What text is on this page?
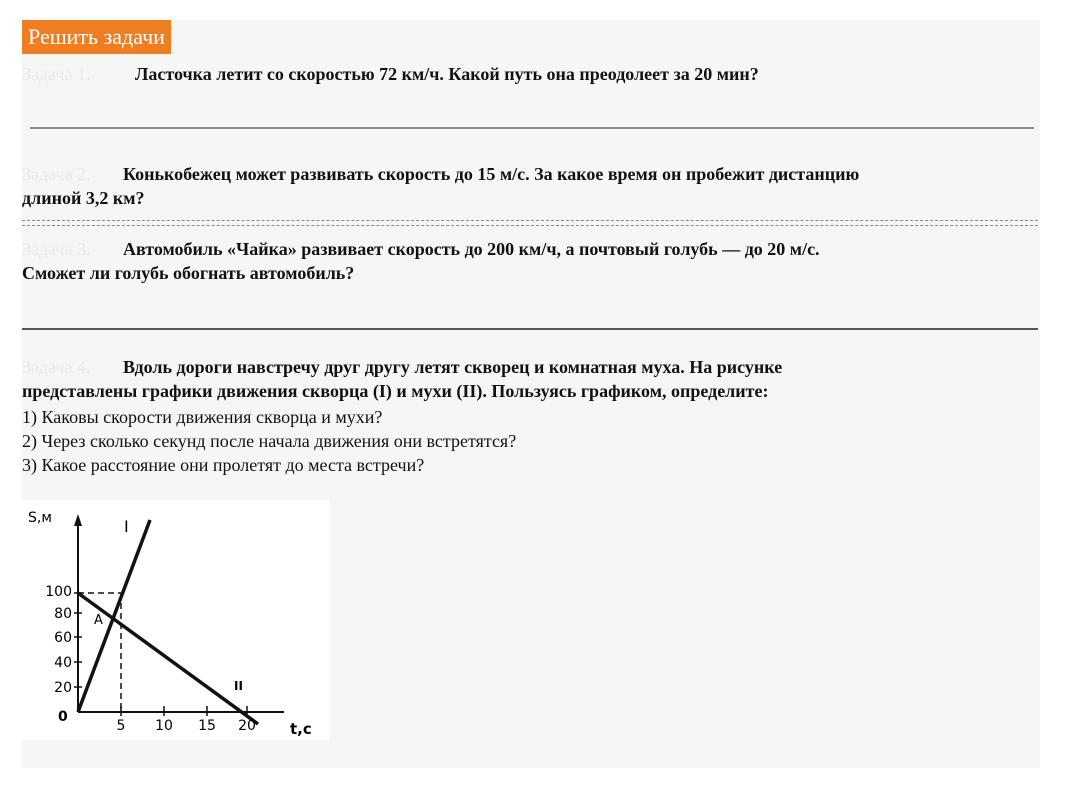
Решить задачи
Задача 1. Ласточка летит со скоростью 72 км/ч. Какой путь она преодолеет за 20 мин?
Задача 2. Конькобежец может развивать скорость до 15 м/с. За какое время он пробежит дистанцию
длиной 3,2 км?
Задача 3. Автомобиль «Чайка» развивает скорость до 200 км/ч, а почтовый голубь — до 20 м/с.
Сможет ли голубь обогнать автомобиль?
Задача 4. Вдоль дороги навстречу друг другу летят скворец и комнатная муха. На рисунке
представлены графики движения скворца (I) и мухи (II). Пользуясь графиком, определите:
1) Каковы скорости движения скворца и мухи?
2) Через сколько секунд после начала движения они встретятся?
3) Какое расстояние они пролетят до места встречи?
S,м
t,c
0
20
40
60
80
100
5 10 15 20
I
II
A
